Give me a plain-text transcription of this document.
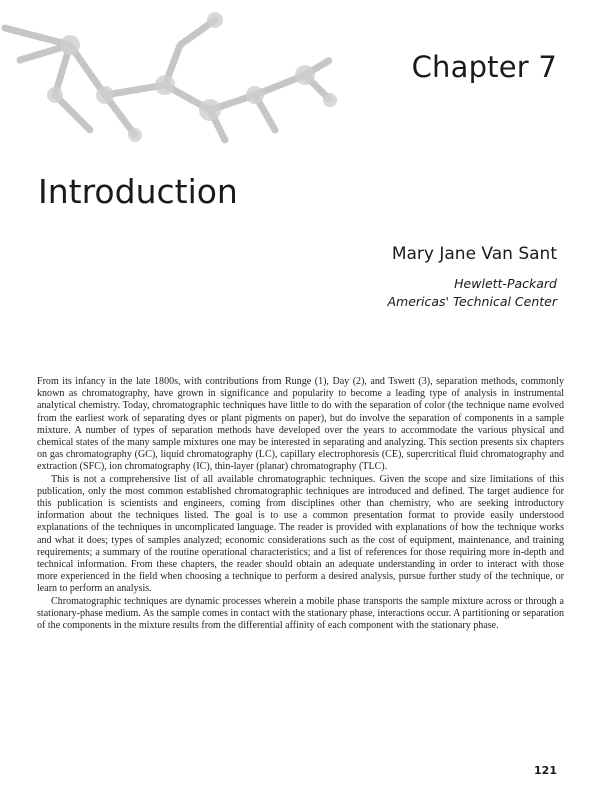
Chapter 7
Introduction
Mary Jane Van Sant
Hewlett-Packard
Americas' Technical Center

From its infancy in the late 1800s, with contributions from Runge (1), Day (2), and Tswett (3), separation methods, commonly known as chromatography, have grown in significance and popularity to become a leading type of analysis in instrumental analytical chemistry. Today, chromatographic techniques have little to do with the separation of color (the technique name evolved from the earliest work of separating dyes or plant pigments on paper), but do involve the separation of components in a sample mixture. A number of types of separation methods have developed over the years to accommodate the various physical and chemical states of the many sample mixtures one may be interested in separating and analyzing. This section presents six chapters on gas chromatography (GC), liquid chromatography (LC), capillary electrophoresis (CE), supercritical fluid chromatography and extraction (SFC), ion chromatography (IC), thin-layer (planar) chromatography (TLC).

This is not a comprehensive list of all available chromatographic techniques. Given the scope and size limitations of this publication, only the most common established chromatographic techniques are introduced and defined. The target audience for this publication is scientists and engineers, coming from disciplines other than chemistry, who are seeking introductory information about the techniques listed. The goal is to use a common presentation format to provide easily understood explanations of the techniques in uncomplicated language. The reader is provided with explanations of how the technique works and what it does; types of samples analyzed; economic considerations such as the cost of equipment, maintenance, and training requirements; a summary of the routine operational characteristics; and a list of references for those requiring more in-depth and technical information. From these chapters, the reader should obtain an adequate understanding in order to interact with those more experienced in the field when choosing a technique to perform a desired analysis, pursue further study of the technique, or learn to perform an analysis.

Chromatographic techniques are dynamic processes wherein a mobile phase transports the sample mixture across or through a stationary-phase medium. As the sample comes in contact with the stationary phase, interactions occur. A partitioning or separation of the components in the mixture results from the differential affinity of each component with the stationary phase.

121
